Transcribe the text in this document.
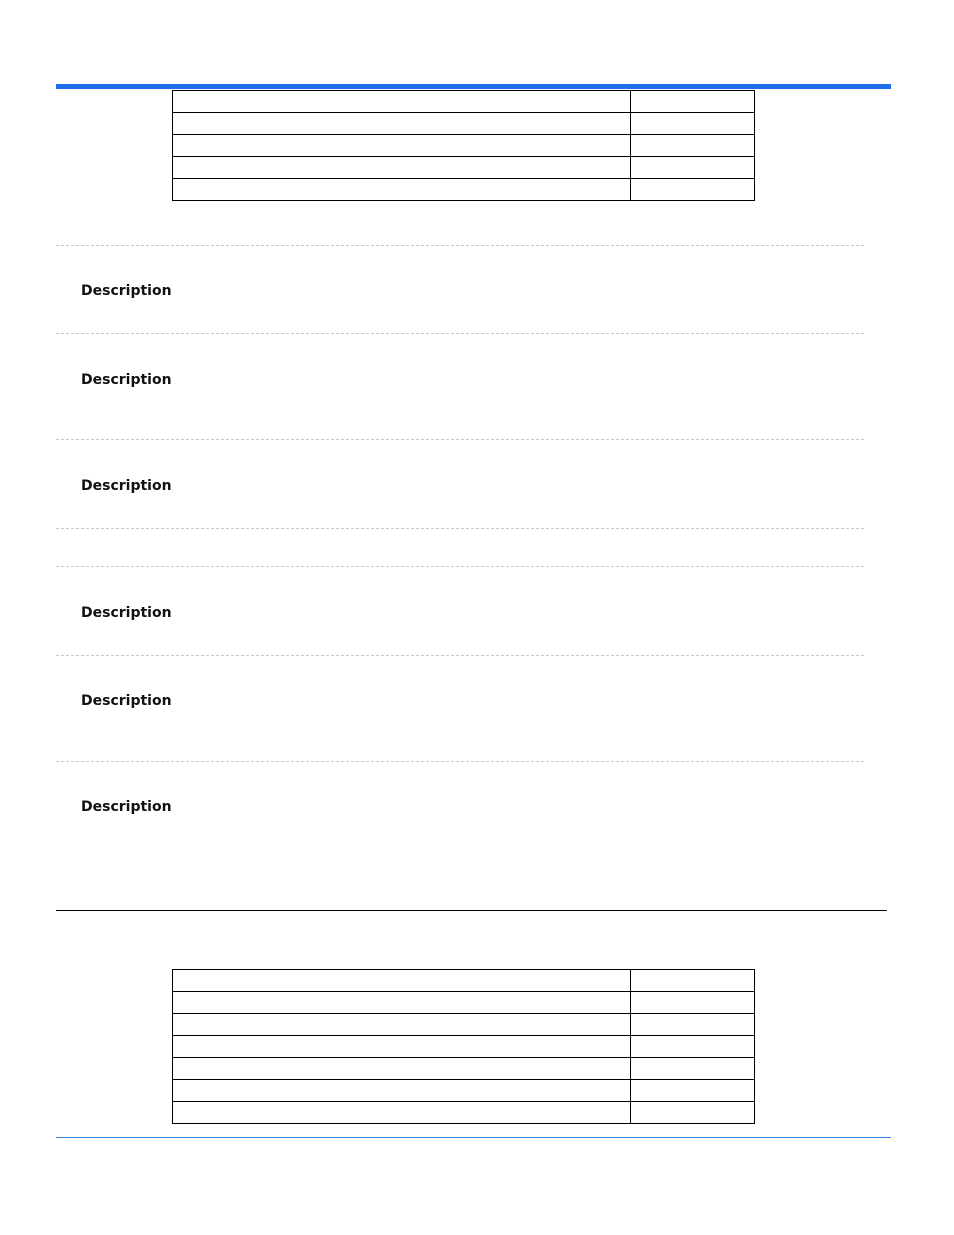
Description
Description
Description
Description
Description
Description
